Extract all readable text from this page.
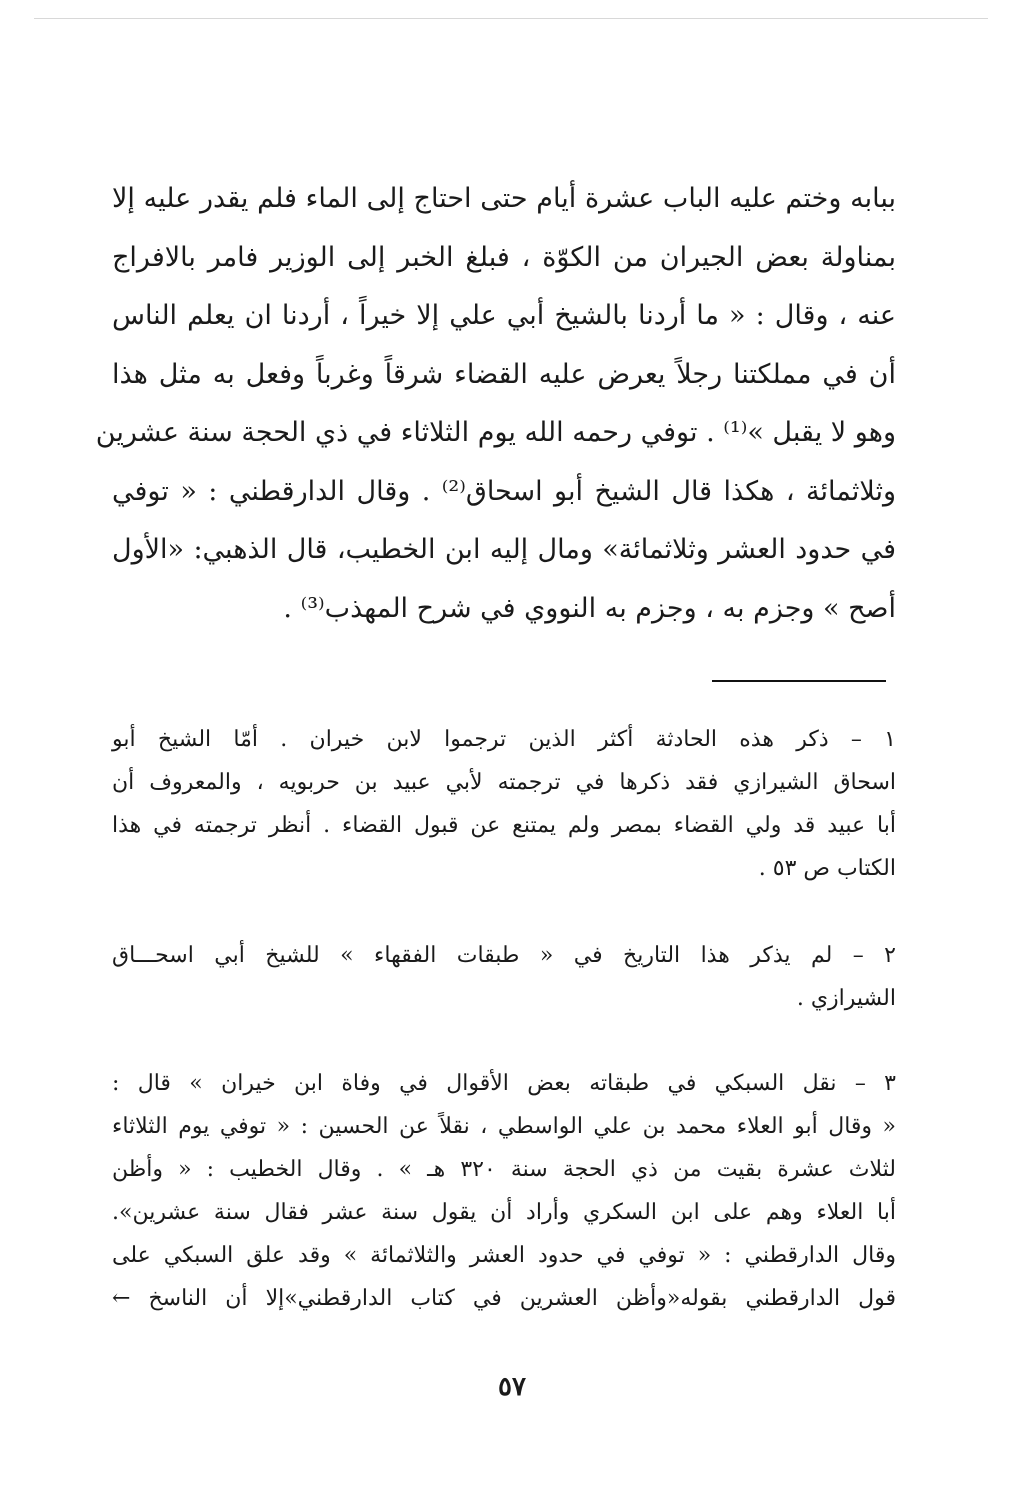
ببابه وختم عليه الباب عشرة أيام حتى احتاج إلى الماء فلم يقدر عليه إلا
بمناولة بعض الجيران من الكوّة ، فبلغ الخبر إلى الوزير فامر بالافراج
عنه ، وقال : « ما أردنا بالشيخ أبي علي إلا خيراً ، أردنا ان يعلم الناس
أن في مملكتنا رجلاً يعرض عليه القضاء شرقاً وغرباً وفعل به مثل هذا
وهو لا يقبل »⁽¹⁾ . توفي رحمه الله يوم الثلاثاء في ذي الحجة سنة عشرين
وثلاثمائة ، هكذا قال الشيخ أبو اسحاق⁽²⁾ . وقال الدارقطني : « توفي
في حدود العشر وثلاثمائة» ومال إليه ابن الخطيب، قال الذهبي: «الأول
أصح » وجزم به ، وجزم به النووي في شرح المهذب⁽³⁾ .
١ – ذكر هذه الحادثة أكثر الذين ترجموا لابن خيران . أمّا الشيخ أبو
اسحاق الشيرازي فقد ذكرها في ترجمته لأبي عبيد بن حربويه ، والمعروف أن
أبا عبيد قد ولي القضاء بمصر ولم يمتنع عن قبول القضاء . أنظر ترجمته في هذا
الكتاب ص ٥٣ .
٢ – لم يذكر هذا التاريخ في « طبقات الفقهاء » للشيخ أبي اسحـــاق
الشيرازي .
٣ – نقل السبكي في طبقاته بعض الأقوال في وفاة ابن خيران » قال :
« وقال أبو العلاء محمد بن علي الواسطي ، نقلاً عن الحسين : « توفي يوم الثلاثاء
لثلاث عشرة بقيت من ذي الحجة سنة ٣٢٠ هـ » . وقال الخطيب : « وأظن
أبا العلاء وهم على ابن السكري وأراد أن يقول سنة عشر فقال سنة عشرين».
وقال الدارقطني : « توفي في حدود العشر والثلاثمائة » وقد علق السبكي على
قول الدارقطني بقوله«وأظن العشرين في كتاب الدارقطني»إلا أن الناسخ ←
٥٧
